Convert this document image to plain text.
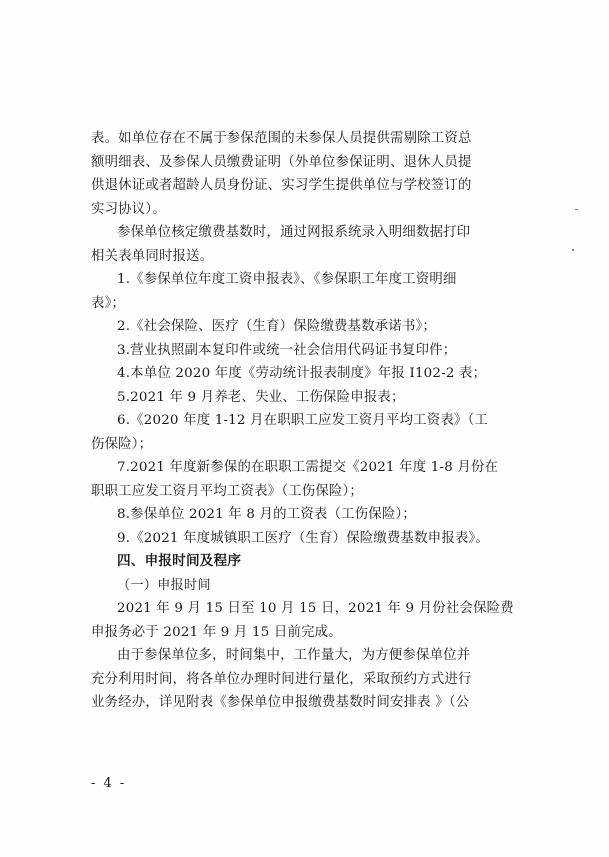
表。如单位存在不属于参保范围的未参保人员提供需剔除工资总
额明细表、及参保人员缴费证明（外单位参保证明、退休人员提
供退休证或者超龄人员身份证、实习学生提供单位与学校签订的
实习协议）。
参保单位核定缴费基数时，通过网报系统录入明细数据打印
相关表单同时报送。
1.《参保单位年度工资申报表》、《参保职工年度工资明细
表》；
2.《社会保险、医疗（生育）保险缴费基数承诺书》；
3.营业执照副本复印件或统一社会信用代码证书复印件；
4.本单位 2020 年度《劳动统计报表制度》年报 I102-2 表；
5.2021 年 9 月养老、失业、工伤保险申报表；
6.《2020 年度 1-12 月在职职工应发工资月平均工资表》（工
伤保险）；
7.2021 年度新参保的在职职工需提交《2021 年度 1-8 月份在
职职工应发工资月平均工资表》（工伤保险）；
8.参保单位 2021 年 8 月的工资表（工伤保险）；
9.《2021 年度城镇职工医疗（生育）保险缴费基数申报表》。
四、申报时间及程序
（一）申报时间
2021 年 9 月 15 日至 10 月 15 日，2021 年 9 月份社会保险费
申报务必于 2021 年 9 月 15 日前完成。
由于参保单位多，时间集中，工作量大，为方便参保单位并
充分利用时间，将各单位办理时间进行量化，采取预约方式进行
业务经办，详见附表《参保单位申报缴费基数时间安排表 》（公
- 4 -
